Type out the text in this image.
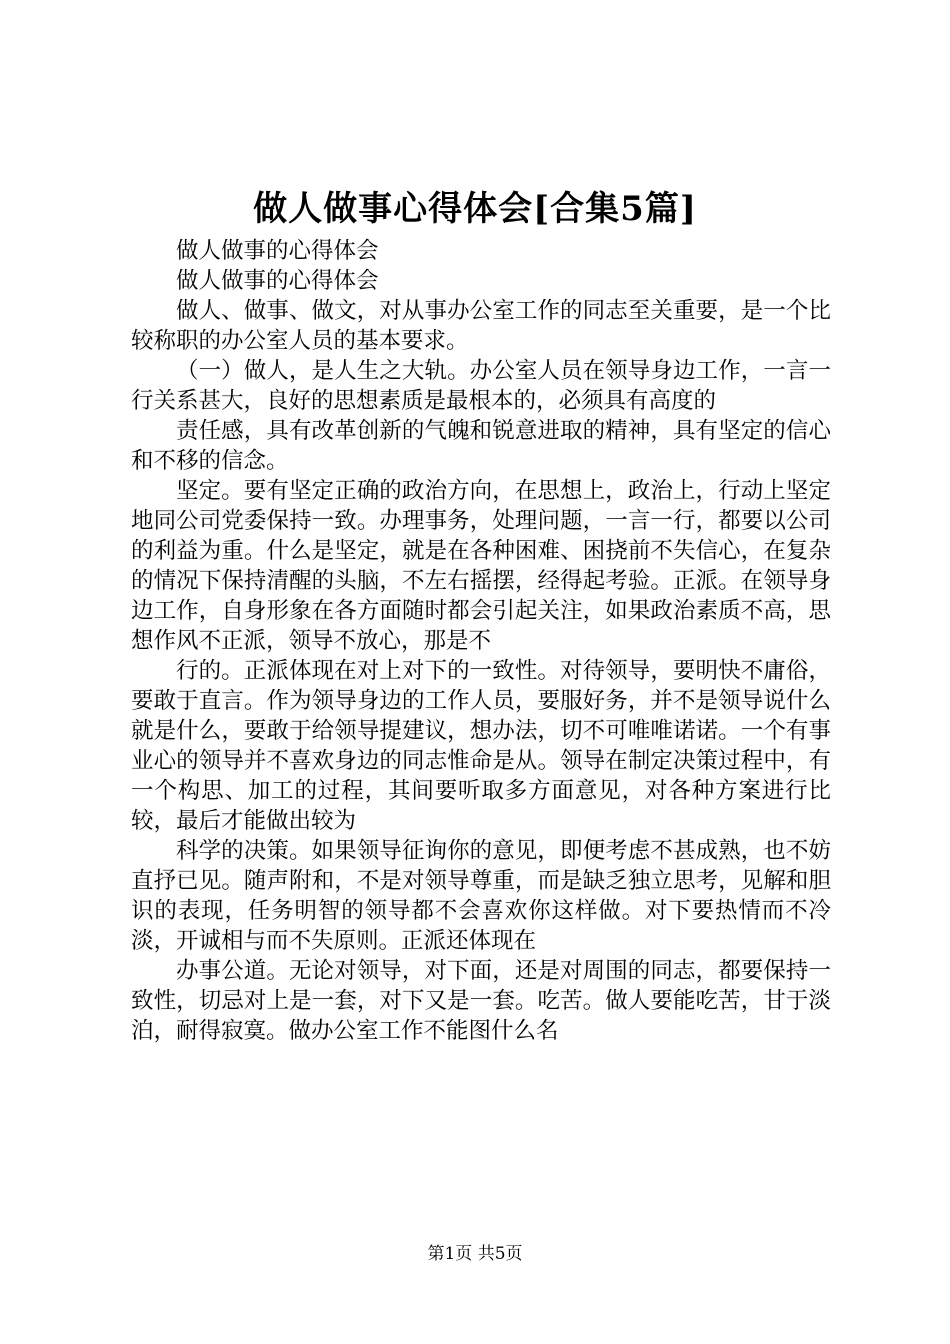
做人做事心得体会[合集5篇]

做人做事的心得体会

做人做事的心得体会

做人、做事、做文，对从事办公室工作的同志至关重要，是一个比较称职的办公室人员的基本要求。

（一）做人，是人生之大轨。办公室人员在领导身边工作，一言一行关系甚大，良好的思想素质是最根本的，必须具有高度的

责任感，具有改革创新的气魄和锐意进取的精神，具有坚定的信心和不移的信念。

坚定。要有坚定正确的政治方向，在思想上，政治上，行动上坚定地同公司党委保持一致。办理事务，处理问题，一言一行，都要以公司的利益为重。什么是坚定，就是在各种困难、困挠前不失信心，在复杂的情况下保持清醒的头脑，不左右摇摆，经得起考验。正派。在领导身边工作，自身形象在各方面随时都会引起关注，如果政治素质不高，思想作风不正派，领导不放心，那是不

行的。正派体现在对上对下的一致性。对待领导，要明快不庸俗，要敢于直言。作为领导身边的工作人员，要服好务，并不是领导说什么就是什么，要敢于给领导提建议，想办法，切不可唯唯诺诺。一个有事业心的领导并不喜欢身边的同志惟命是从。领导在制定决策过程中，有一个构思、加工的过程，其间要听取多方面意见，对各种方案进行比较，最后才能做出较为

科学的决策。如果领导征询你的意见，即便考虑不甚成熟，也不妨直抒已见。随声附和，不是对领导尊重，而是缺乏独立思考，见解和胆识的表现，任务明智的领导都不会喜欢你这样做。对下要热情而不冷淡，开诚相与而不失原则。正派还体现在

办事公道。无论对领导，对下面，还是对周围的同志，都要保持一致性，切忌对上是一套，对下又是一套。吃苦。做人要能吃苦，甘于淡泊，耐得寂寞。做办公室工作不能图什么名

第1页 共5页
